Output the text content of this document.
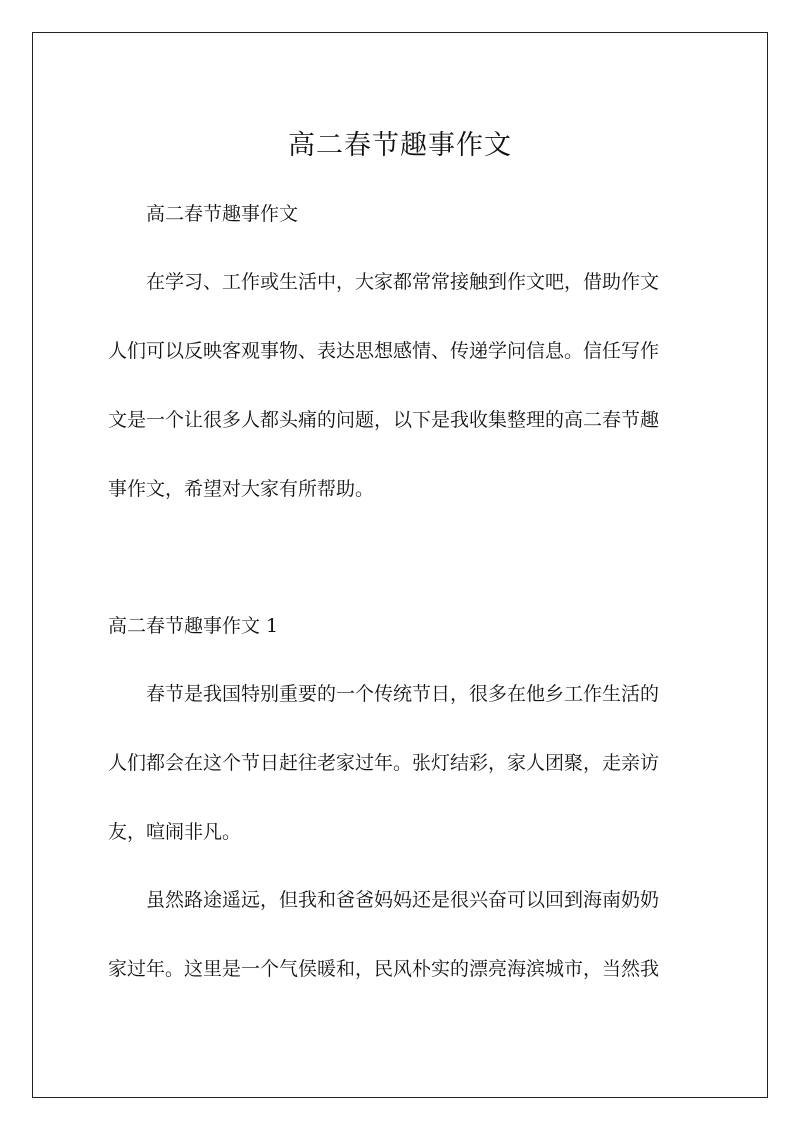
高二春节趣事作文
高二春节趣事作文
在学习、工作或生活中，大家都常常接触到作文吧，借助作文
人们可以反映客观事物、表达思想感情、传递学问信息。信任写作
文是一个让很多人都头痛的问题，以下是我收集整理的高二春节趣
事作文，希望对大家有所帮助。
高二春节趣事作文 1
春节是我国特别重要的一个传统节日，很多在他乡工作生活的
人们都会在这个节日赶往老家过年。张灯结彩，家人团聚，走亲访
友，喧闹非凡。
虽然路途遥远，但我和爸爸妈妈还是很兴奋可以回到海南奶奶
家过年。这里是一个气侯暖和，民风朴实的漂亮海滨城市，当然我
